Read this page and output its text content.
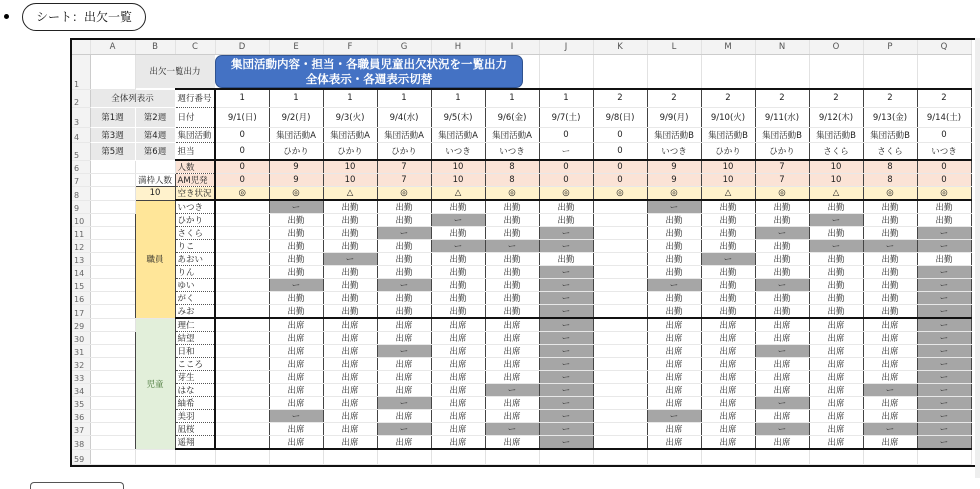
シート：出欠一覧
	A	B	C	D	E	F	G	H	I	J	K	L	M	N	O	P	Q
1		出欠一覧出力															
2	全体列表示		週行番号	1	1	1	1	1	1	1	2	2	2	2	2	2	2
3	第1週	第2週	日付	9/1(日)	9/2(月)	9/3(火)	9/4(水)	9/5(木)	9/6(金)	9/7(土)	9/8(日)	9/9(月)	9/10(火)	9/11(水)	9/12(木)	9/13(金)	9/14(土)
4	第3週	第4週	集団活動	0	集団活動A	集団活動A	集団活動A	集団活動A	集団活動A	0	0	集団活動B	集団活動B	集団活動B	集団活動B	集団活動B	0
5	第5週	第6週	担当	0	ひかり	ひかり	ひかり	いつき	いつき	ー	0	いつき	ひかり	ひかり	さくら	さくら	いつき
6			人数	0	9	10	7	10	8	0	0	9	10	7	10	8	0
7		満枠人数	AM児発	0	9	10	7	10	8	0	0	9	10	7	10	8	0
8		10	空き状況	◎	◎	△	◎	△	◎	◎	◎	◎	△	◎	△	◎	◎
9		職員	いつき		ー	出勤	出勤	出勤	出勤	出勤		ー	出勤	出勤	出勤	出勤	出勤
10			ひかり		出勤	出勤	出勤	ー	出勤	出勤		出勤	出勤	出勤	ー	出勤	出勤
11			さくら		出勤	出勤	ー	出勤	出勤	ー		出勤	出勤	ー	出勤	出勤	ー
12			りこ		出勤	出勤	出勤	ー	ー	ー		出勤	出勤	出勤	ー	ー	ー
13			あおい		出勤	ー	出勤	出勤	出勤	出勤		出勤	ー	出勤	出勤	出勤	出勤
14			りん		出勤	出勤	出勤	出勤	出勤	ー		出勤	出勤	出勤	出勤	出勤	ー
15			ゆい		ー	出勤	ー	出勤	出勤	ー		ー	出勤	ー	出勤	出勤	ー
16			がく		出勤	出勤	出勤	出勤	出勤	ー		出勤	出勤	出勤	出勤	出勤	ー
17			みお		出勤	出勤	出勤	出勤	出勤	ー		出勤	出勤	出勤	出勤	出勤	ー
29		児童	理仁		出席	出席	出席	出席	出席	ー		出席	出席	出席	出席	出席	ー
30			結望		出席	出席	出席	出席	出席	ー		出席	出席	出席	出席	出席	ー
31			日和		出席	出席	ー	出席	出席	ー		出席	出席	ー	出席	出席	ー
32			こころ		出席	出席	出席	出席	出席	ー		出席	出席	出席	出席	出席	ー
33			芽生		出席	出席	出席	出席	出席	ー		出席	出席	出席	出席	出席	ー
34			はな		出席	出席	出席	出席	ー	ー		出席	出席	出席	出席	ー	ー
35			紬希		出席	出席	ー	出席	出席	ー		出席	出席	ー	出席	出席	ー
36			美羽		ー	出席	出席	出席	出席	ー		ー	出席	出席	出席	出席	ー
37			凪桜		出席	出席	ー	出席	ー	ー		出席	出席	ー	出席	ー	ー
38			遥翔		出席	出席	出席	出席	出席	ー		出席	出席	出席	出席	出席	ー
59																	
集団活動内容・担当・各職員児童出欠状況を一覧出力
全体表示・各週表示切替
